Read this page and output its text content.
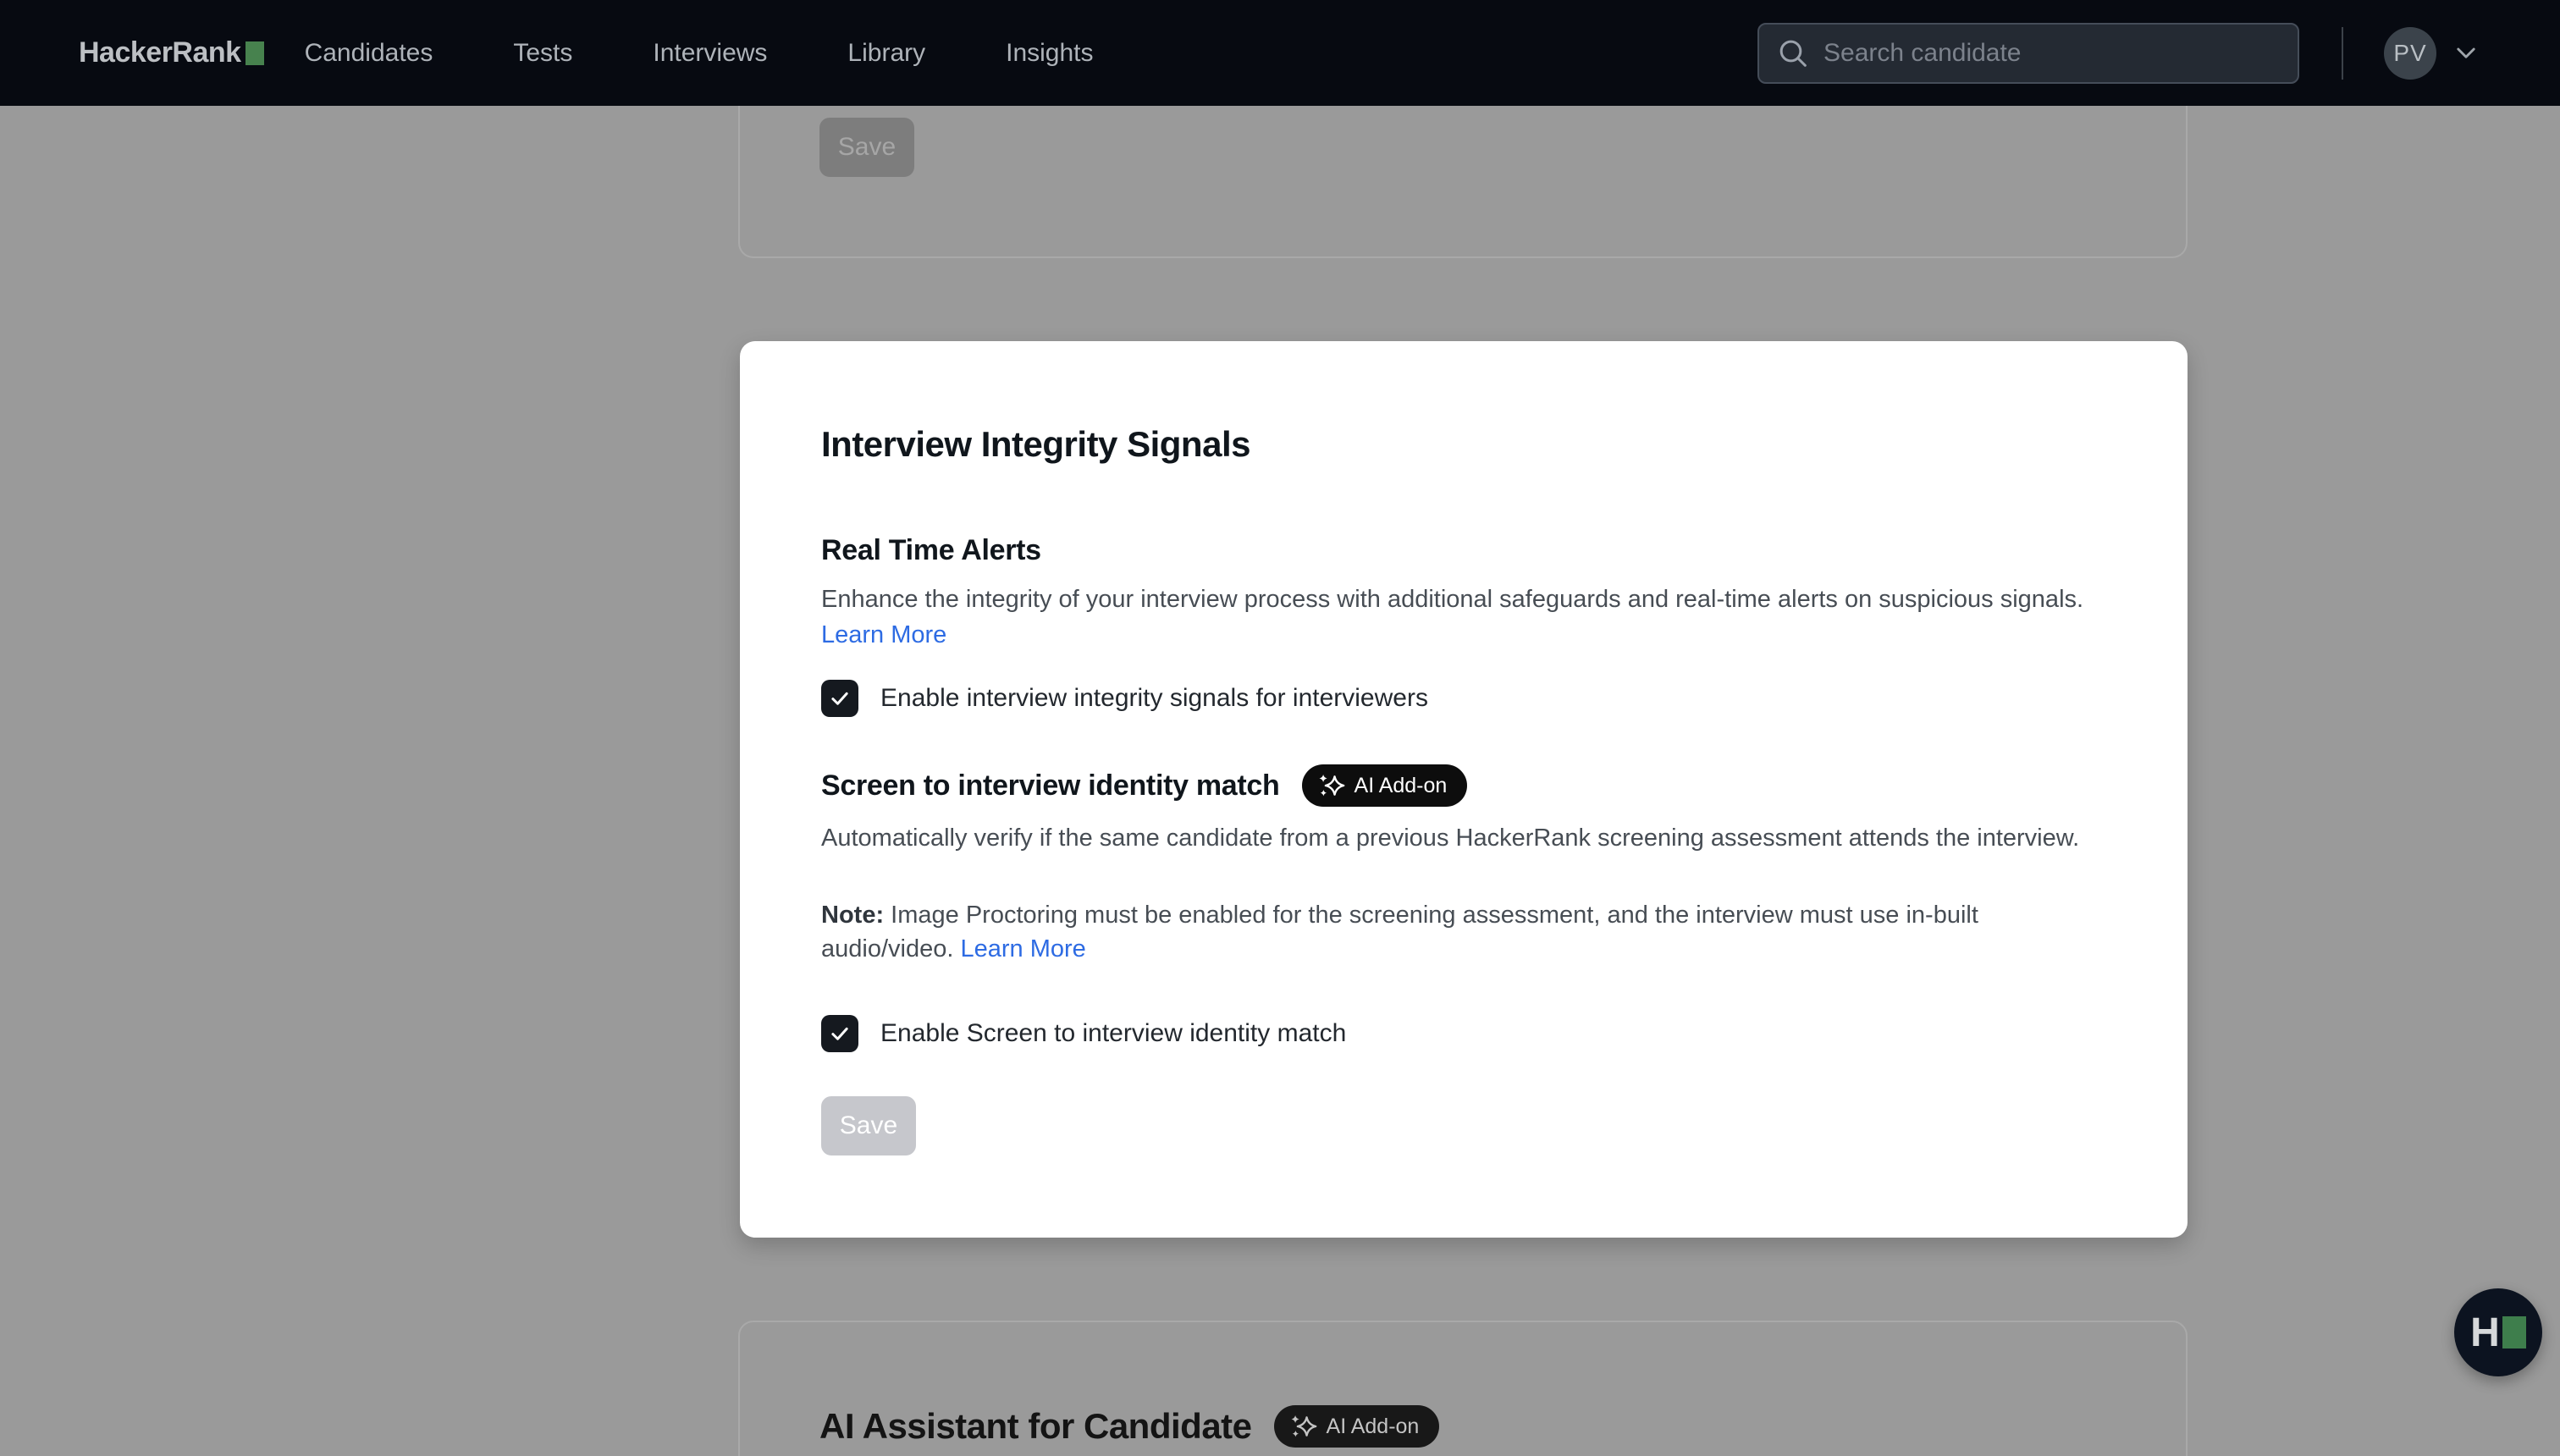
HackerRank	Candidates	Tests	Interviews	Library	Insights
Search candidate	PV
Save
Interview Integrity Signals
Real Time Alerts

Enhance the integrity of your interview process with additional safeguards and real-time alerts on suspicious signals. Learn More

Enable interview integrity signals for interviewers
Screen to interview identity match	AI Add-on

Automatically verify if the same candidate from a previous HackerRank screening assessment attends the interview.

Note: Image Proctoring must be enabled for the screening assessment, and the interview must use in-built audio/video. Learn More

Enable Screen to interview identity match
Save
AI Assistant for Candidate	AI Add-on
H
